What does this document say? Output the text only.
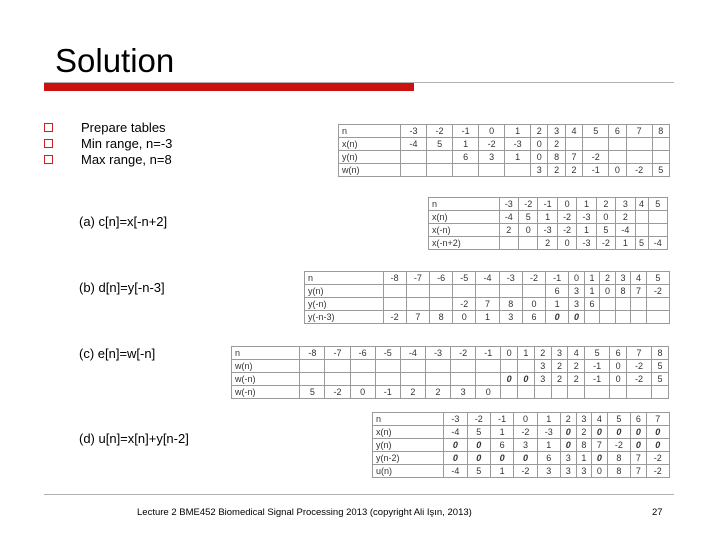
Solution
Prepare tables
Min range, n=-3
Max range, n=8
n	-3	-2	-1	0	1	2	3	4	5	6	7	8
x(n)	-4	5	1	-2	-3	0	2					
y(n)			6	3	1	0	8	7	-2			
w(n)						3	2	2	-1	0	-2	5
(a) c[n]=x[-n+2]
n	-3	-2	-1	0	1	2	3	4	5
x(n)	-4	5	1	-2	-3	0	2		
x(-n)	2	0	-3	-2	1	5	-4		
x(-n+2)			2	0	-3	-2	1	5	-4
(b) d[n]=y[-n-3]
n	-8	-7	-6	-5	-4	-3	-2	-1	0	1	2	3	4	5
y(n)								6	3	1	0	8	7	-2
y(-n)				-2	7	8	0	1	3	6				
y(-n-3)	-2	7	8	0	1	3	6	0	0					
(c) e[n]=w[-n]	n	-8	-7	-6	-5	-4	-3	-2	-1	0	1	2	3	4	5	6	7	8
w(n)											3	2	2	-1	0	-2	5
w(-n)									0	0	3	2	2	-1	0	-2	5
w(-n)	5	-2	0	-1	2	2	3	0									
(d) u[n]=x[n]+y[n-2]
n	-3	-2	-1	0	1	2	3	4	5	6	7
x(n)	-4	5	1	-2	-3	0	2	0	0	0	0
y(n)	0	0	6	3	1	0	8	7	-2	0	0
y(n-2)	0	0	0	0	6	3	1	0	8	7	-2
u(n)	-4	5	1	-2	3	3	3	0	8	7	-2
Lecture 2 BME452 Biomedical Signal Processing 2013 (copyright Ali Işın, 2013)	27
